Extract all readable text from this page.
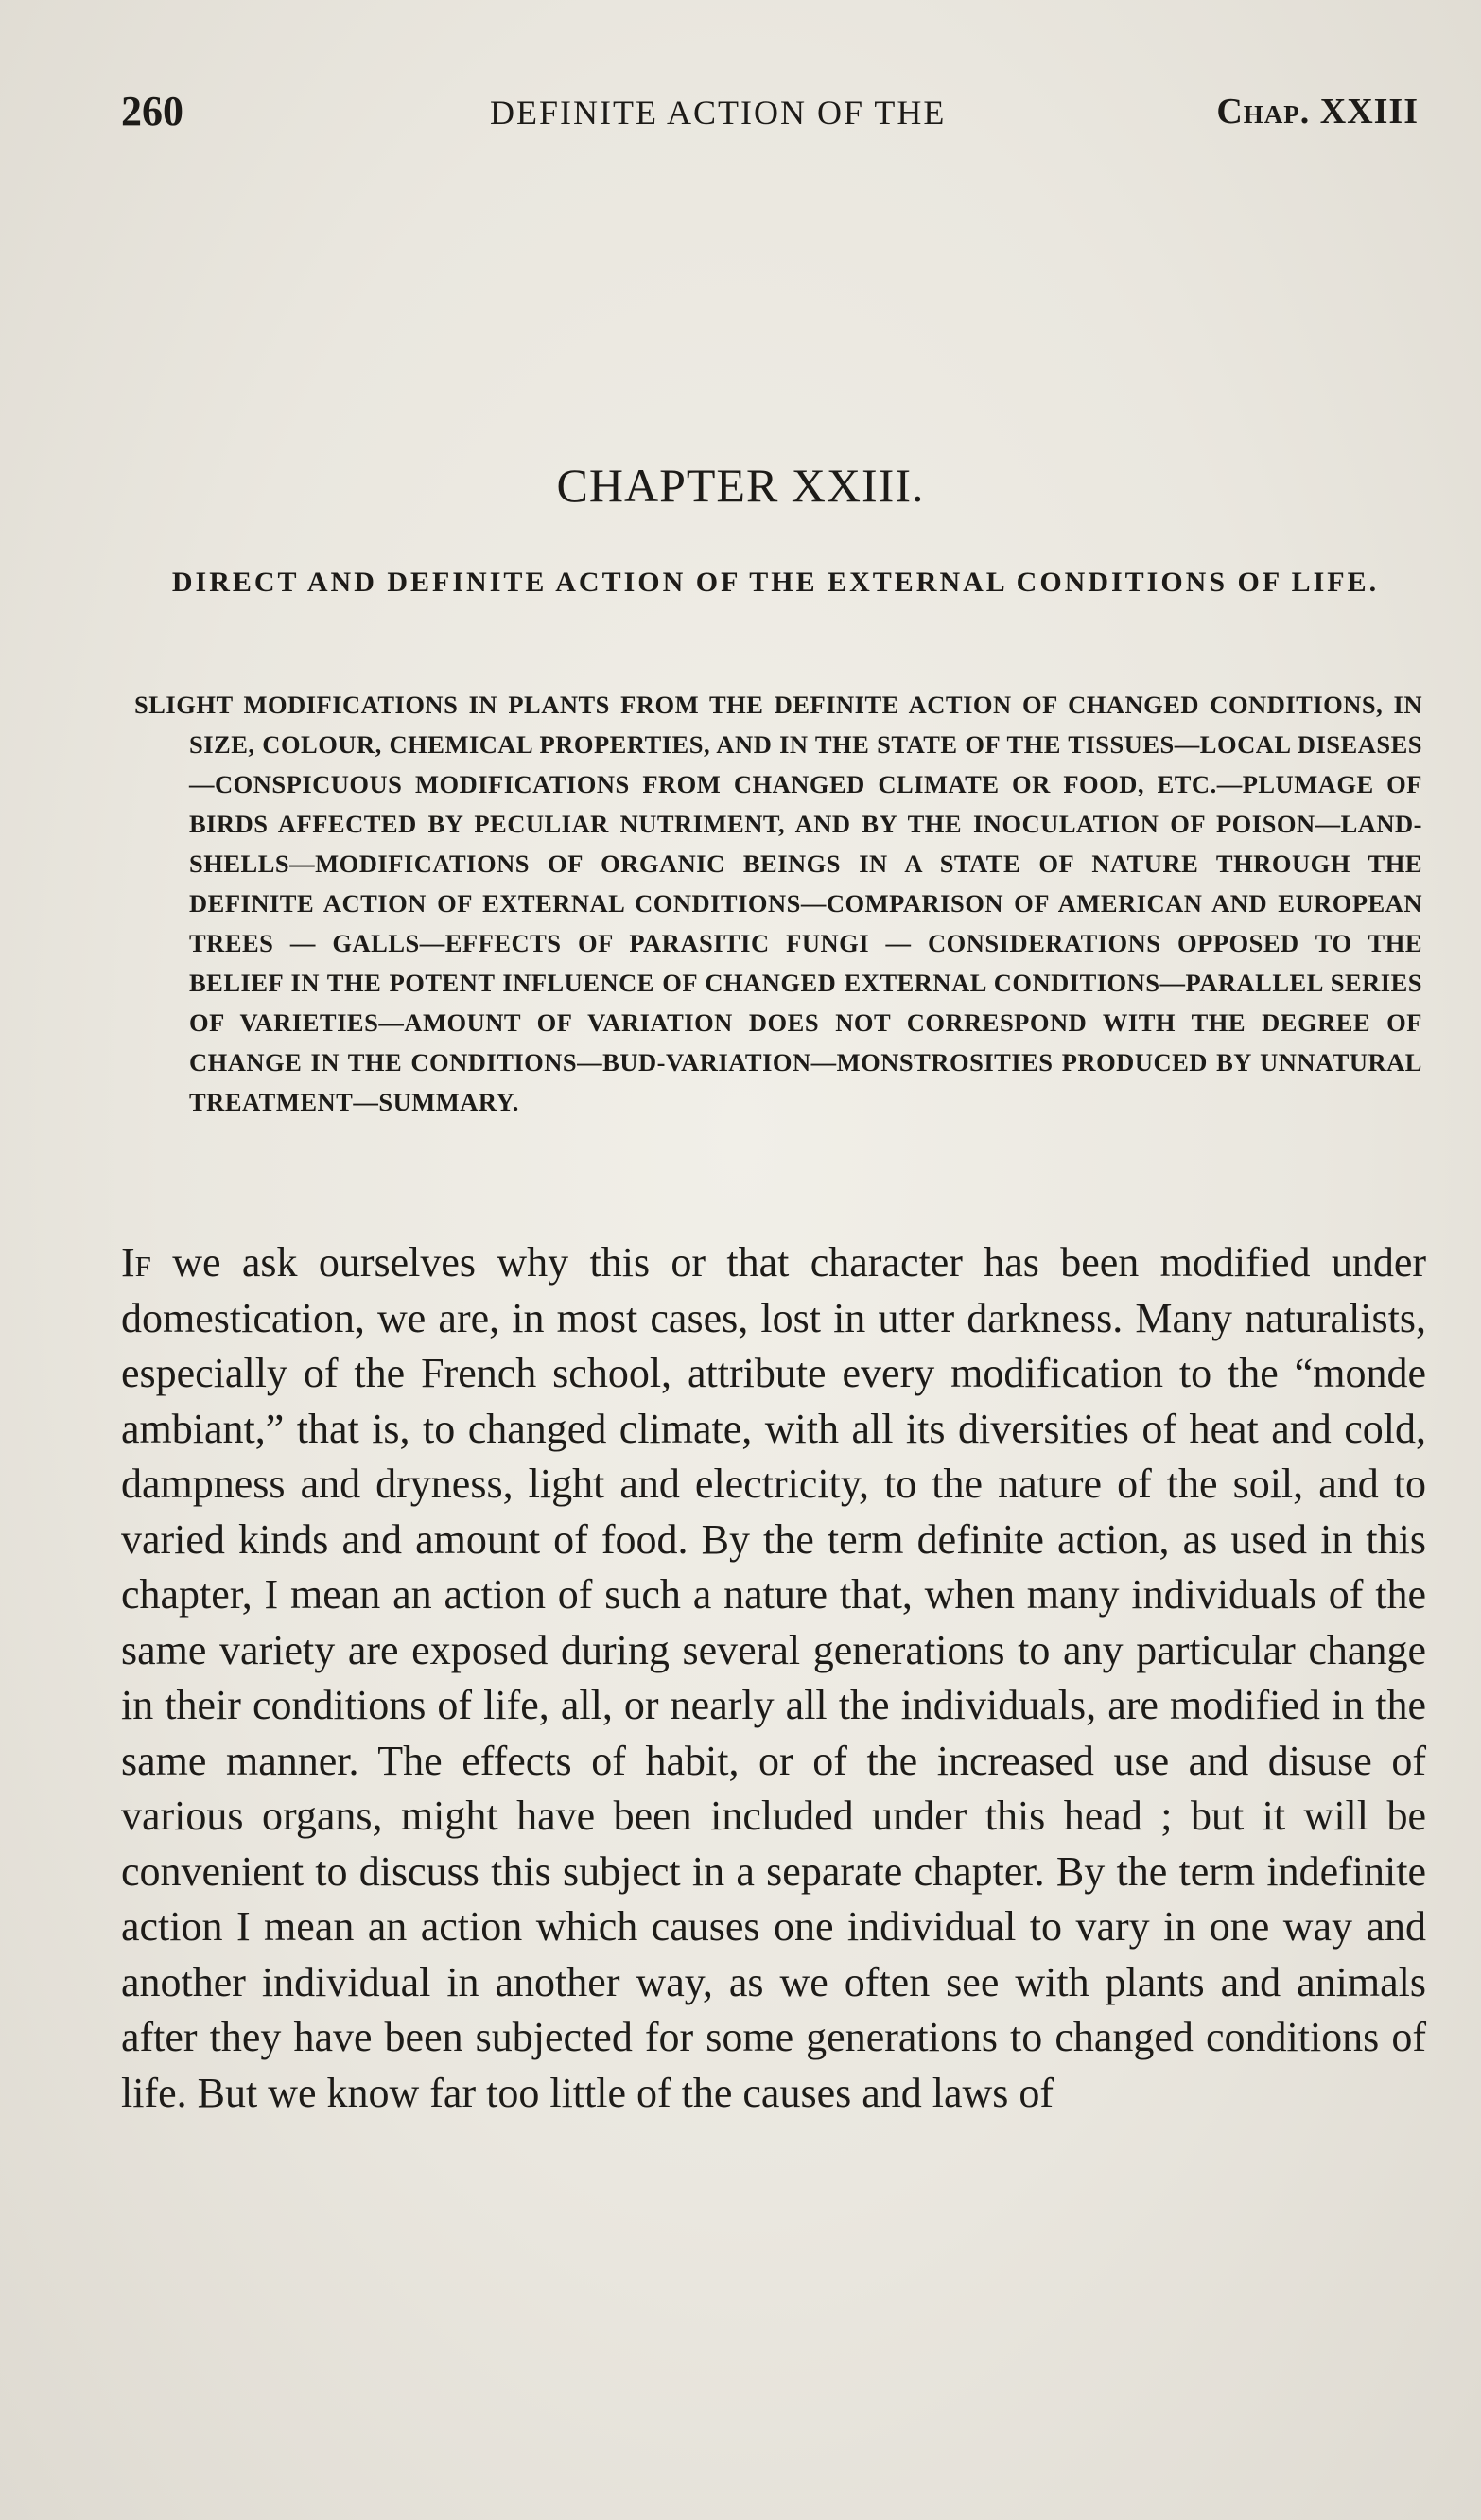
260	DEFINITE ACTION OF THE	Chap. XXIII
CHAPTER XXIII.
DIRECT AND DEFINITE ACTION OF THE EXTERNAL CONDITIONS OF LIFE.
SLIGHT MODIFICATIONS IN PLANTS FROM THE DEFINITE ACTION OF CHANGED CONDITIONS, IN SIZE, COLOUR, CHEMICAL PROPERTIES, AND IN THE STATE OF THE TISSUES—LOCAL DISEASES—CONSPICUOUS MODIFICATIONS FROM CHANGED CLIMATE OR FOOD, ETC.—PLUMAGE OF BIRDS AFFECTED BY PECULIAR NUTRIMENT, AND BY THE INOCULATION OF POISON—LAND-SHELLS—MODIFICATIONS OF ORGANIC BEINGS IN A STATE OF NATURE THROUGH THE DEFINITE ACTION OF EXTERNAL CONDITIONS—COMPARISON OF AMERICAN AND EUROPEAN TREES — GALLS—EFFECTS OF PARASITIC FUNGI — CONSIDERATIONS OPPOSED TO THE BELIEF IN THE POTENT INFLUENCE OF CHANGED EXTERNAL CONDITIONS—PARALLEL SERIES OF VARIETIES—AMOUNT OF VARIATION DOES NOT CORRESPOND WITH THE DEGREE OF CHANGE IN THE CONDITIONS—BUD-VARIATION—MONSTROSITIES PRODUCED BY UNNATURAL TREATMENT—SUMMARY.
If we ask ourselves why this or that character has been modified under domestication, we are, in most cases, lost in utter darkness. Many naturalists, especially of the French school, attribute every modification to the “monde ambiant,” that is, to changed climate, with all its diversities of heat and cold, dampness and dryness, light and electricity, to the nature of the soil, and to varied kinds and amount of food. By the term definite action, as used in this chapter, I mean an action of such a nature that, when many individuals of the same variety are exposed during several generations to any particular change in their conditions of life, all, or nearly all the individuals, are modified in the same manner. The effects of habit, or of the increased use and disuse of various organs, might have been included under this head ; but it will be convenient to discuss this subject in a separate chapter. By the term indefinite action I mean an action which causes one individual to vary in one way and another individual in another way, as we often see with plants and animals after they have been subjected for some generations to changed conditions of life. But we know far too little of the causes and laws of
